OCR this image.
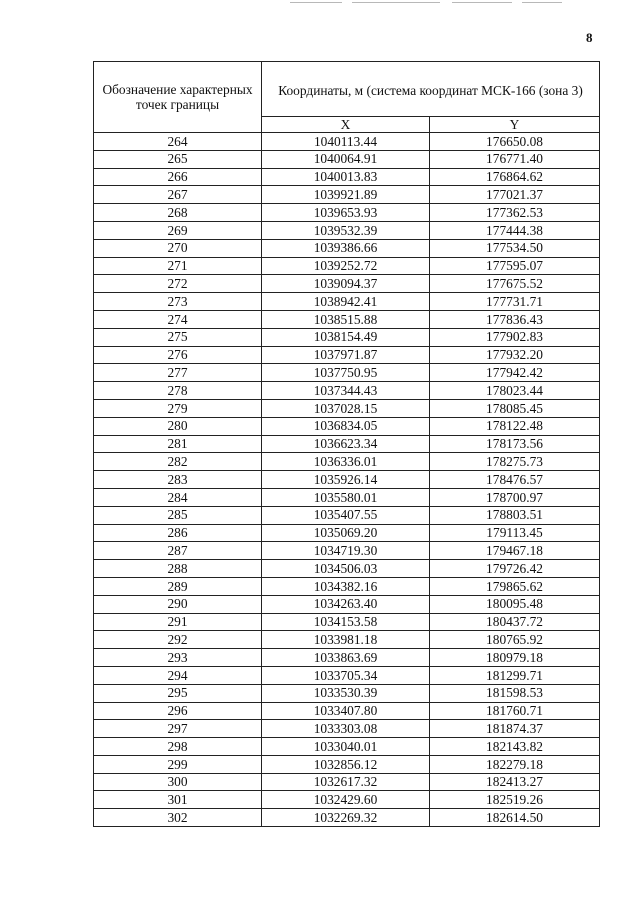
8
Обозначение характерных точек границы	Координаты, м (система координат МСК-166 (зона 3)	
	X	Y
264	1040113.44	176650.08
265	1040064.91	176771.40
266	1040013.83	176864.62
267	1039921.89	177021.37
268	1039653.93	177362.53
269	1039532.39	177444.38
270	1039386.66	177534.50
271	1039252.72	177595.07
272	1039094.37	177675.52
273	1038942.41	177731.71
274	1038515.88	177836.43
275	1038154.49	177902.83
276	1037971.87	177932.20
277	1037750.95	177942.42
278	1037344.43	178023.44
279	1037028.15	178085.45
280	1036834.05	178122.48
281	1036623.34	178173.56
282	1036336.01	178275.73
283	1035926.14	178476.57
284	1035580.01	178700.97
285	1035407.55	178803.51
286	1035069.20	179113.45
287	1034719.30	179467.18
288	1034506.03	179726.42
289	1034382.16	179865.62
290	1034263.40	180095.48
291	1034153.58	180437.72
292	1033981.18	180765.92
293	1033863.69	180979.18
294	1033705.34	181299.71
295	1033530.39	181598.53
296	1033407.80	181760.71
297	1033303.08	181874.37
298	1033040.01	182143.82
299	1032856.12	182279.18
300	1032617.32	182413.27
301	1032429.60	182519.26
302	1032269.32	182614.50
